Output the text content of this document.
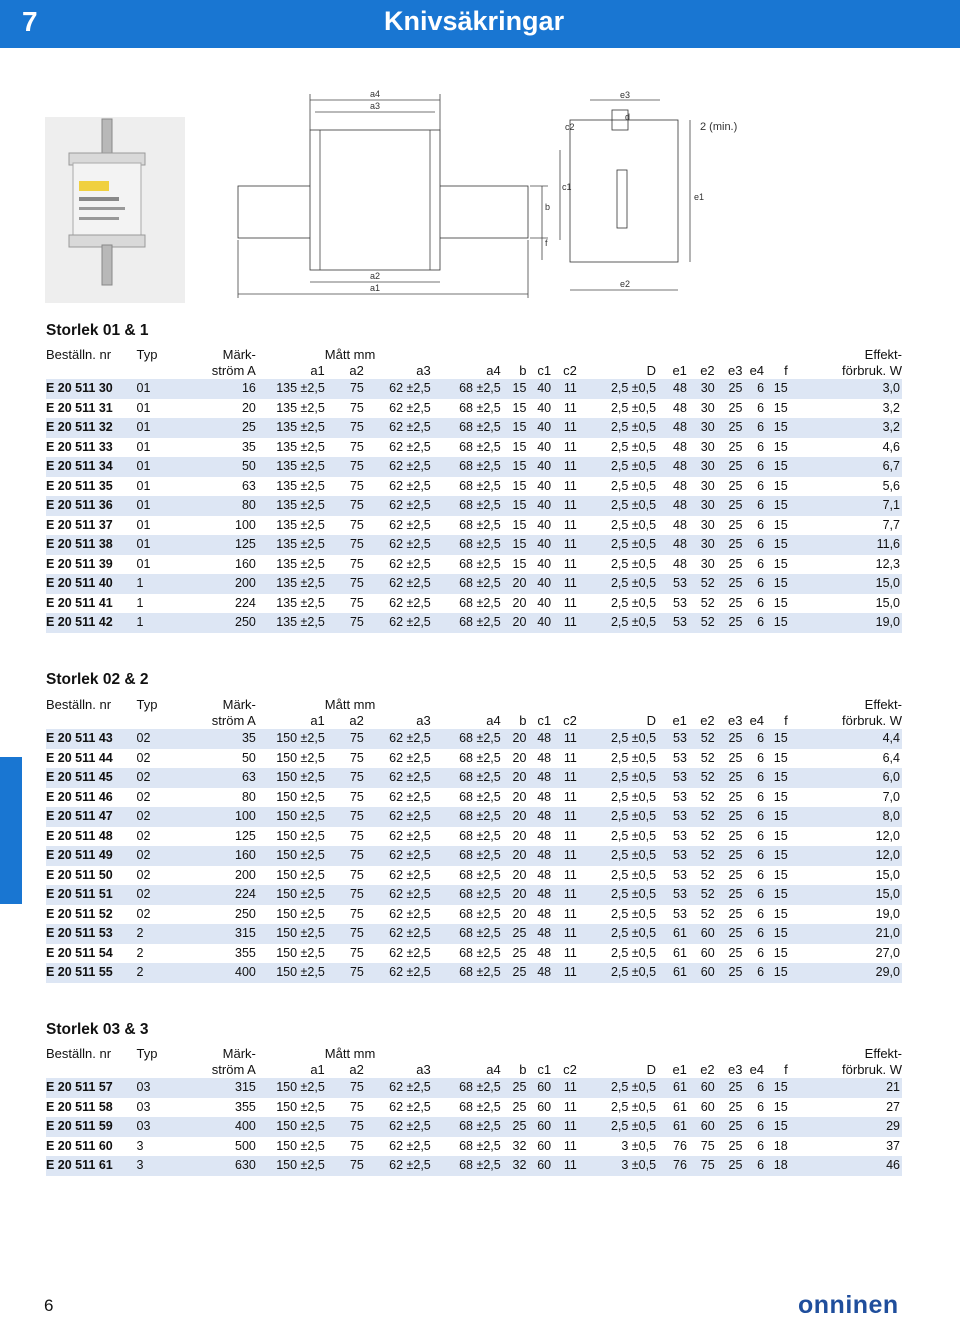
7	Knivsäkringar
a4
a3
e3
d
c2	2 (min.)
c1
e1
b
f
a2
a1	e2
Storlek 01 & 1
Storlek 02 & 2
Storlek 03 & 3
Beställn. nr	Typ	Märk-		Mått mm												Effekt-
		ström A	a1	a2	a3	a4	b	c1	c2	D	e1	e2	e3	e4	f	förbruk. W
E 20 511 30	01	16	135 ±2,5	75	62 ±2,5	68 ±2,5	15	40	11	2,5 ±0,5	48	30	25	6	15	3,0
E 20 511 31	01	20	135 ±2,5	75	62 ±2,5	68 ±2,5	15	40	11	2,5 ±0,5	48	30	25	6	15	3,2
E 20 511 32	01	25	135 ±2,5	75	62 ±2,5	68 ±2,5	15	40	11	2,5 ±0,5	48	30	25	6	15	3,2
E 20 511 33	01	35	135 ±2,5	75	62 ±2,5	68 ±2,5	15	40	11	2,5 ±0,5	48	30	25	6	15	4,6
E 20 511 34	01	50	135 ±2,5	75	62 ±2,5	68 ±2,5	15	40	11	2,5 ±0,5	48	30	25	6	15	6,7
E 20 511 35	01	63	135 ±2,5	75	62 ±2,5	68 ±2,5	15	40	11	2,5 ±0,5	48	30	25	6	15	5,6
E 20 511 36	01	80	135 ±2,5	75	62 ±2,5	68 ±2,5	15	40	11	2,5 ±0,5	48	30	25	6	15	7,1
E 20 511 37	01	100	135 ±2,5	75	62 ±2,5	68 ±2,5	15	40	11	2,5 ±0,5	48	30	25	6	15	7,7
E 20 511 38	01	125	135 ±2,5	75	62 ±2,5	68 ±2,5	15	40	11	2,5 ±0,5	48	30	25	6	15	11,6
E 20 511 39	01	160	135 ±2,5	75	62 ±2,5	68 ±2,5	15	40	11	2,5 ±0,5	48	30	25	6	15	12,3
E 20 511 40	1	200	135 ±2,5	75	62 ±2,5	68 ±2,5	20	40	11	2,5 ±0,5	53	52	25	6	15	15,0
E 20 511 41	1	224	135 ±2,5	75	62 ±2,5	68 ±2,5	20	40	11	2,5 ±0,5	53	52	25	6	15	15,0
E 20 511 42	1	250	135 ±2,5	75	62 ±2,5	68 ±2,5	20	40	11	2,5 ±0,5	53	52	25	6	15	19,0
Beställn. nr	Typ	Märk-		Mått mm												Effekt-
		ström A	a1	a2	a3	a4	b	c1	c2	D	e1	e2	e3	e4	f	förbruk. W
E 20 511 43	02	35	150 ±2,5	75	62 ±2,5	68 ±2,5	20	48	11	2,5 ±0,5	53	52	25	6	15	4,4
E 20 511 44	02	50	150 ±2,5	75	62 ±2,5	68 ±2,5	20	48	11	2,5 ±0,5	53	52	25	6	15	6,4
E 20 511 45	02	63	150 ±2,5	75	62 ±2,5	68 ±2,5	20	48	11	2,5 ±0,5	53	52	25	6	15	6,0
E 20 511 46	02	80	150 ±2,5	75	62 ±2,5	68 ±2,5	20	48	11	2,5 ±0,5	53	52	25	6	15	7,0
E 20 511 47	02	100	150 ±2,5	75	62 ±2,5	68 ±2,5	20	48	11	2,5 ±0,5	53	52	25	6	15	8,0
E 20 511 48	02	125	150 ±2,5	75	62 ±2,5	68 ±2,5	20	48	11	2,5 ±0,5	53	52	25	6	15	12,0
E 20 511 49	02	160	150 ±2,5	75	62 ±2,5	68 ±2,5	20	48	11	2,5 ±0,5	53	52	25	6	15	12,0
E 20 511 50	02	200	150 ±2,5	75	62 ±2,5	68 ±2,5	20	48	11	2,5 ±0,5	53	52	25	6	15	15,0
E 20 511 51	02	224	150 ±2,5	75	62 ±2,5	68 ±2,5	20	48	11	2,5 ±0,5	53	52	25	6	15	15,0
E 20 511 52	02	250	150 ±2,5	75	62 ±2,5	68 ±2,5	20	48	11	2,5 ±0,5	53	52	25	6	15	19,0
E 20 511 53	2	315	150 ±2,5	75	62 ±2,5	68 ±2,5	25	48	11	2,5 ±0,5	61	60	25	6	15	21,0
E 20 511 54	2	355	150 ±2,5	75	62 ±2,5	68 ±2,5	25	48	11	2,5 ±0,5	61	60	25	6	15	27,0
E 20 511 55	2	400	150 ±2,5	75	62 ±2,5	68 ±2,5	25	48	11	2,5 ±0,5	61	60	25	6	15	29,0
Beställn. nr	Typ	Märk-		Mått mm												Effekt-
		ström A	a1	a2	a3	a4	b	c1	c2	D	e1	e2	e3	e4	f	förbruk. W
E 20 511 57	03	315	150 ±2,5	75	62 ±2,5	68 ±2,5	25	60	11	2,5 ±0,5	61	60	25	6	15	21
E 20 511 58	03	355	150 ±2,5	75	62 ±2,5	68 ±2,5	25	60	11	2,5 ±0,5	61	60	25	6	15	27
E 20 511 59	03	400	150 ±2,5	75	62 ±2,5	68 ±2,5	25	60	11	2,5 ±0,5	61	60	25	6	15	29
E 20 511 60	3	500	150 ±2,5	75	62 ±2,5	68 ±2,5	32	60	11	3 ±0,5	76	75	25	6	18	37
E 20 511 61	3	630	150 ±2,5	75	62 ±2,5	68 ±2,5	32	60	11	3 ±0,5	76	75	25	6	18	46
6	onninen
